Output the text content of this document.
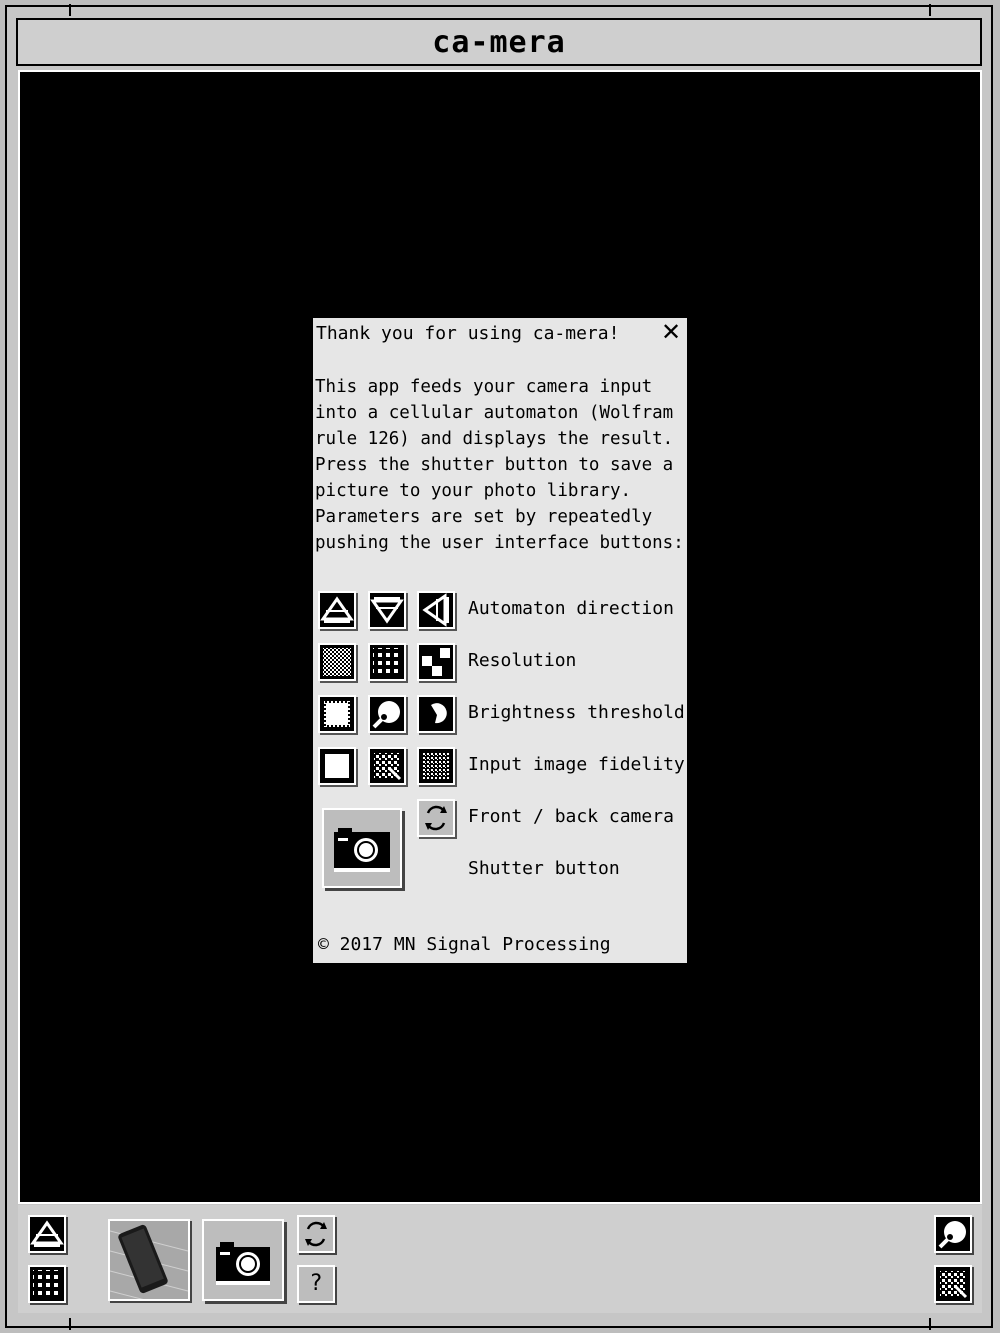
ca-mera
Thank you for using ca-mera! ✕
This app feeds your camera input into a cellular automaton (Wolfram rule 126) and displays the result. Press the shutter button to save a picture to your photo library. Parameters are set by repeatedly pushing the user interface buttons:
Automaton direction
Resolution
Brightness threshold
Input image fidelity
Front / back camera
Shutter button
© 2017 MN Signal Processing
?
